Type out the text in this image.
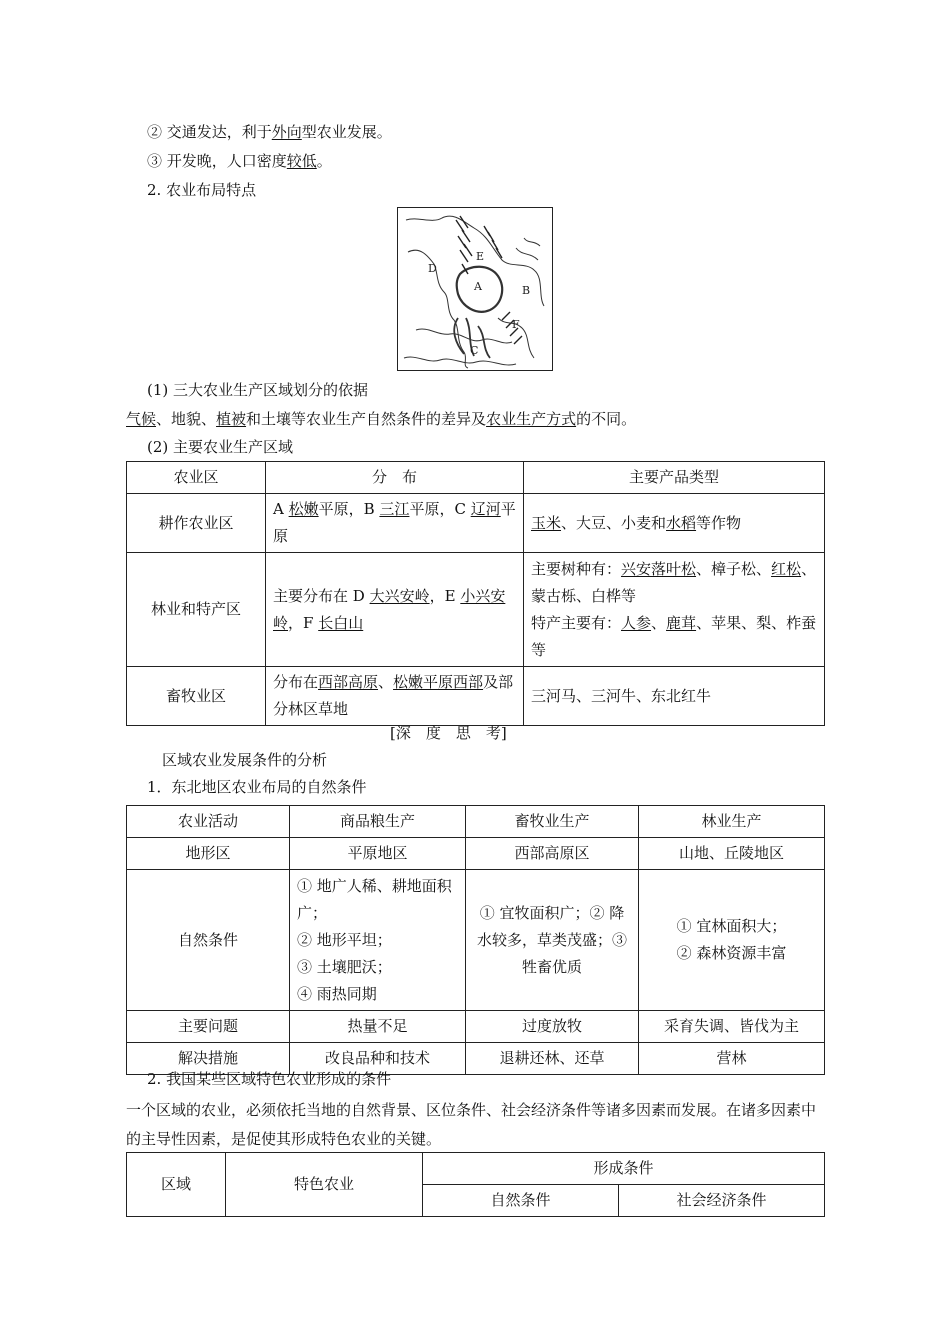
② 交通发达，利于外向型农业发展。
③ 开发晚，人口密度较低。
2. 农业布局特点
A	B
C
D
E
F
(1) 三大农业生产区域划分的依据
气候、地貌、植被和土壤等农业生产自然条件的差异及农业生产方式的不同。
(2) 主要农业生产区域
农业区	分　布	主要产品类型
耕作农业区	A 松嫩平原，B 三江平原，C 辽河平原	玉米、大豆、小麦和水稻等作物
林业和特产区	主要分布在 D 大兴安岭，E 小兴安岭，F 长白山	主要树种有：兴安落叶松、樟子松、红松、蒙古栎、白桦等
特产主要有：人参、鹿茸、苹果、梨、柞蚕等
畜牧业区	分布在西部高原、松嫩平原西部及部分林区草地	三河马、三河牛、东北红牛
[深　度　思　考]
区域农业发展条件的分析
1．东北地区农业布局的自然条件
农业活动	商品粮生产	畜牧业生产	林业生产
地形区	平原地区	西部高原区	山地、丘陵地区
自然条件	① 地广人稀、耕地面积广；
② 地形平坦；
③ 土壤肥沃；
④ 雨热同期	① 宜牧面积广；② 降水较多，草类茂盛；③ 牲畜优质	① 宜林面积大；
② 森林资源丰富
主要问题	热量不足	过度放牧	采育失调、皆伐为主
解决措施	改良品种和技术	退耕还林、还草	营林
2. 我国某些区域特色农业形成的条件
一个区域的农业，必须依托当地的自然背景、区位条件、社会经济条件等诸多因素而发展。在诸多因素中的主导性因素，是促使其形成特色农业的关键。
区域	特色农业	形成条件	
		自然条件	社会经济条件
